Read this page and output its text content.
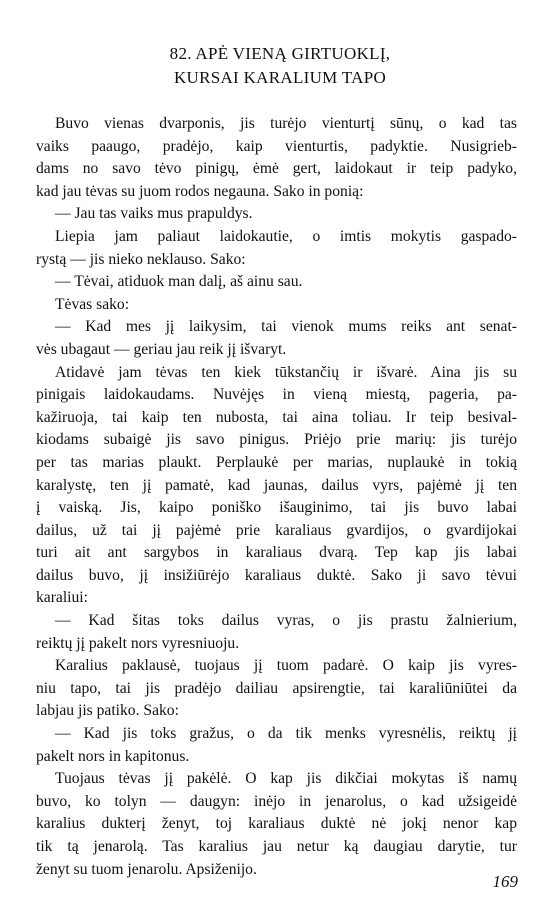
82. APĖ VIENĄ GIRTUOKLĮ,
KURSAI KARALIUM TAPO
Buvo vienas dvarponis, jis turėjo vienturtį sūnų, o kad tas
vaiks paaugo, pradėjo, kaip vienturtis, padyktie. Nusigrieb-
dams no savo tėvo pinigų, ėmė gert, laidokaut ir teip padyko,
kad jau tėvas su juom rodos negauna. Sako in ponią:
— Jau tas vaiks mus prapuldys.
Liepia jam paliaut laidokautie, o imtis mokytis gaspado-
rystą — jis nieko neklauso. Sako:
— Tėvai, atiduok man dalį, aš ainu sau.
Tėvas sako:
— Kad mes jį laikysim, tai vienok mums reiks ant senat-
vės ubagaut — geriau jau reik jį išvaryt.
Atidavė jam tėvas ten kiek tūkstančių ir išvarė. Aina jis su
pinigais laidokaudams. Nuvėjęs in vieną miestą, pageria, pa-
kažiruoja, tai kaip ten nubosta, tai aina toliau. Ir teip besival-
kiodams subaigė jis savo pinigus. Priėjo prie marių: jis turėjo
per tas marias plaukt. Perplaukė per marias, nuplaukė in tokią
karalystę, ten jį pamatė, kad jaunas, dailus vyrs, pajėmė jį ten
į vaiską. Jis, kaipo poniško išauginimo, tai jis buvo labai
dailus, už tai jį pajėmė prie karaliaus gvardijos, o gvardijokai
turi ait ant sargybos in karaliaus dvarą. Tep kap jis labai
dailus buvo, jį insižiūrėjo karaliaus duktė. Sako ji savo tėvui
karaliui:
— Kad šitas toks dailus vyras, o jis prastu žalnierium,
reiktų jį pakelt nors vyresniuoju.
Karalius paklausė, tuojaus jį tuom padarė. O kaip jis vyres-
niu tapo, tai jis pradėjo dailiau apsirengtie, tai karaliūniūtei da
labjau jis patiko. Sako:
— Kad jis toks gražus, o da tik menks vyresnėlis, reiktų jį
pakelt nors in kapitonus.
Tuojaus tėvas jį pakėlė. O kap jis dikčiai mokytas iš namų
buvo, ko tolyn — daugyn: inėjo in jenarolus, o kad užsigeidė
karalius dukterį ženyt, toj karaliaus duktė nė jokį nenor kap
tik tą jenarolą. Tas karalius jau netur ką daugiau darytie, tur
ženyt su tuom jenarolu. Apsiženijo.
169
